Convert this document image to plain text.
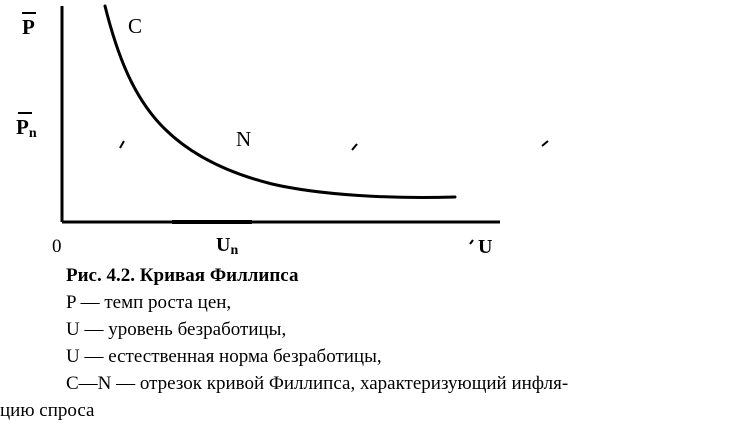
P
$P_n$
0	$U_n$	U
C
N
Рис. 4.2. Кривая Филлипса
P — темп роста цен,
U — уровень безработицы,
U — естественная норма безработицы,
C—N — отрезок кривой Филлипса, характеризующий инфля-
цию спроса
